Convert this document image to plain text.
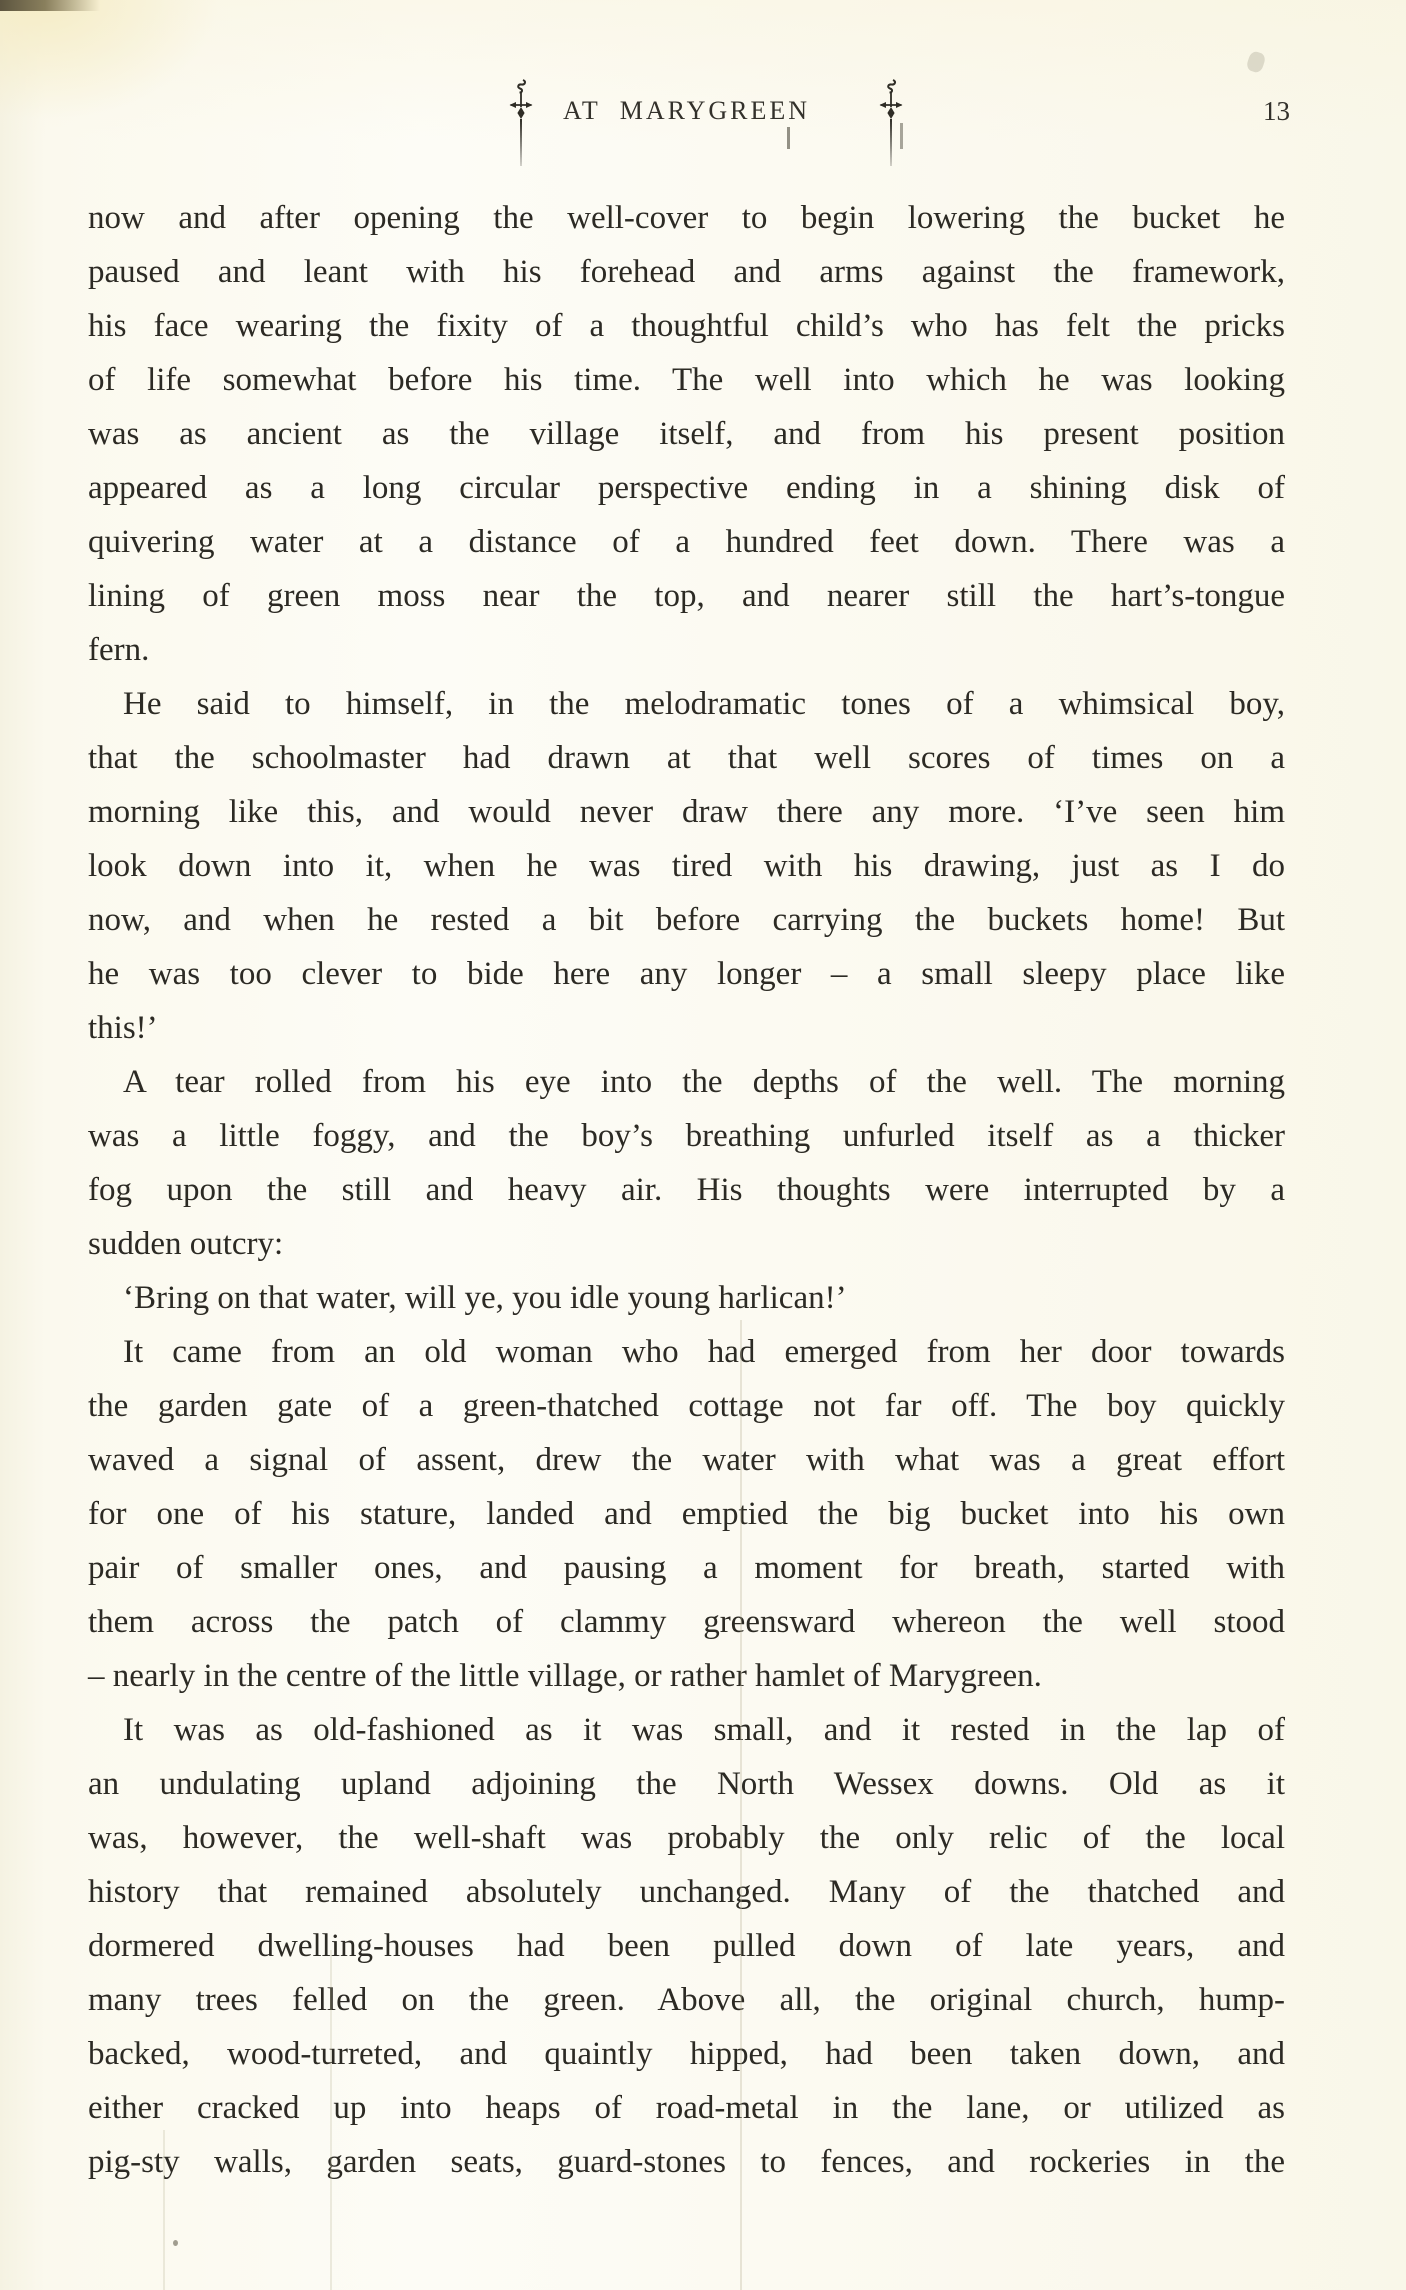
AT MARYGREEN	13
now and after opening the well-cover to begin lowering the bucket he
paused and leant with his forehead and arms against the framework,
his face wearing the fixity of a thoughtful child’s who has felt the pricks
of life somewhat before his time. The well into which he was looking
was as ancient as the village itself, and from his present position
appeared as a long circular perspective ending in a shining disk of
quivering water at a distance of a hundred feet down. There was a
lining of green moss near the top, and nearer still the hart’s-tongue
fern.
He said to himself, in the melodramatic tones of a whimsical boy,
that the schoolmaster had drawn at that well scores of times on a
morning like this, and would never draw there any more. ‘I’ve seen him
look down into it, when he was tired with his drawing, just as I do
now, and when he rested a bit before carrying the buckets home! But
he was too clever to bide here any longer – a small sleepy place like
this!’
A tear rolled from his eye into the depths of the well. The morning
was a little foggy, and the boy’s breathing unfurled itself as a thicker
fog upon the still and heavy air. His thoughts were interrupted by a
sudden outcry:
‘Bring on that water, will ye, you idle young harlican!’
It came from an old woman who had emerged from her door towards
the garden gate of a green-thatched cottage not far off. The boy quickly
waved a signal of assent, drew the water with what was a great effort
for one of his stature, landed and emptied the big bucket into his own
pair of smaller ones, and pausing a moment for breath, started with
them across the patch of clammy greensward whereon the well stood
– nearly in the centre of the little village, or rather hamlet of Marygreen.
It was as old-fashioned as it was small, and it rested in the lap of
an undulating upland adjoining the North Wessex downs. Old as it
was, however, the well-shaft was probably the only relic of the local
history that remained absolutely unchanged. Many of the thatched and
dormered dwelling-houses had been pulled down of late years, and
many trees felled on the green. Above all, the original church, hump-
backed, wood-turreted, and quaintly hipped, had been taken down, and
either cracked up into heaps of road-metal in the lane, or utilized as
pig-sty walls, garden seats, guard-stones to fences, and rockeries in the
